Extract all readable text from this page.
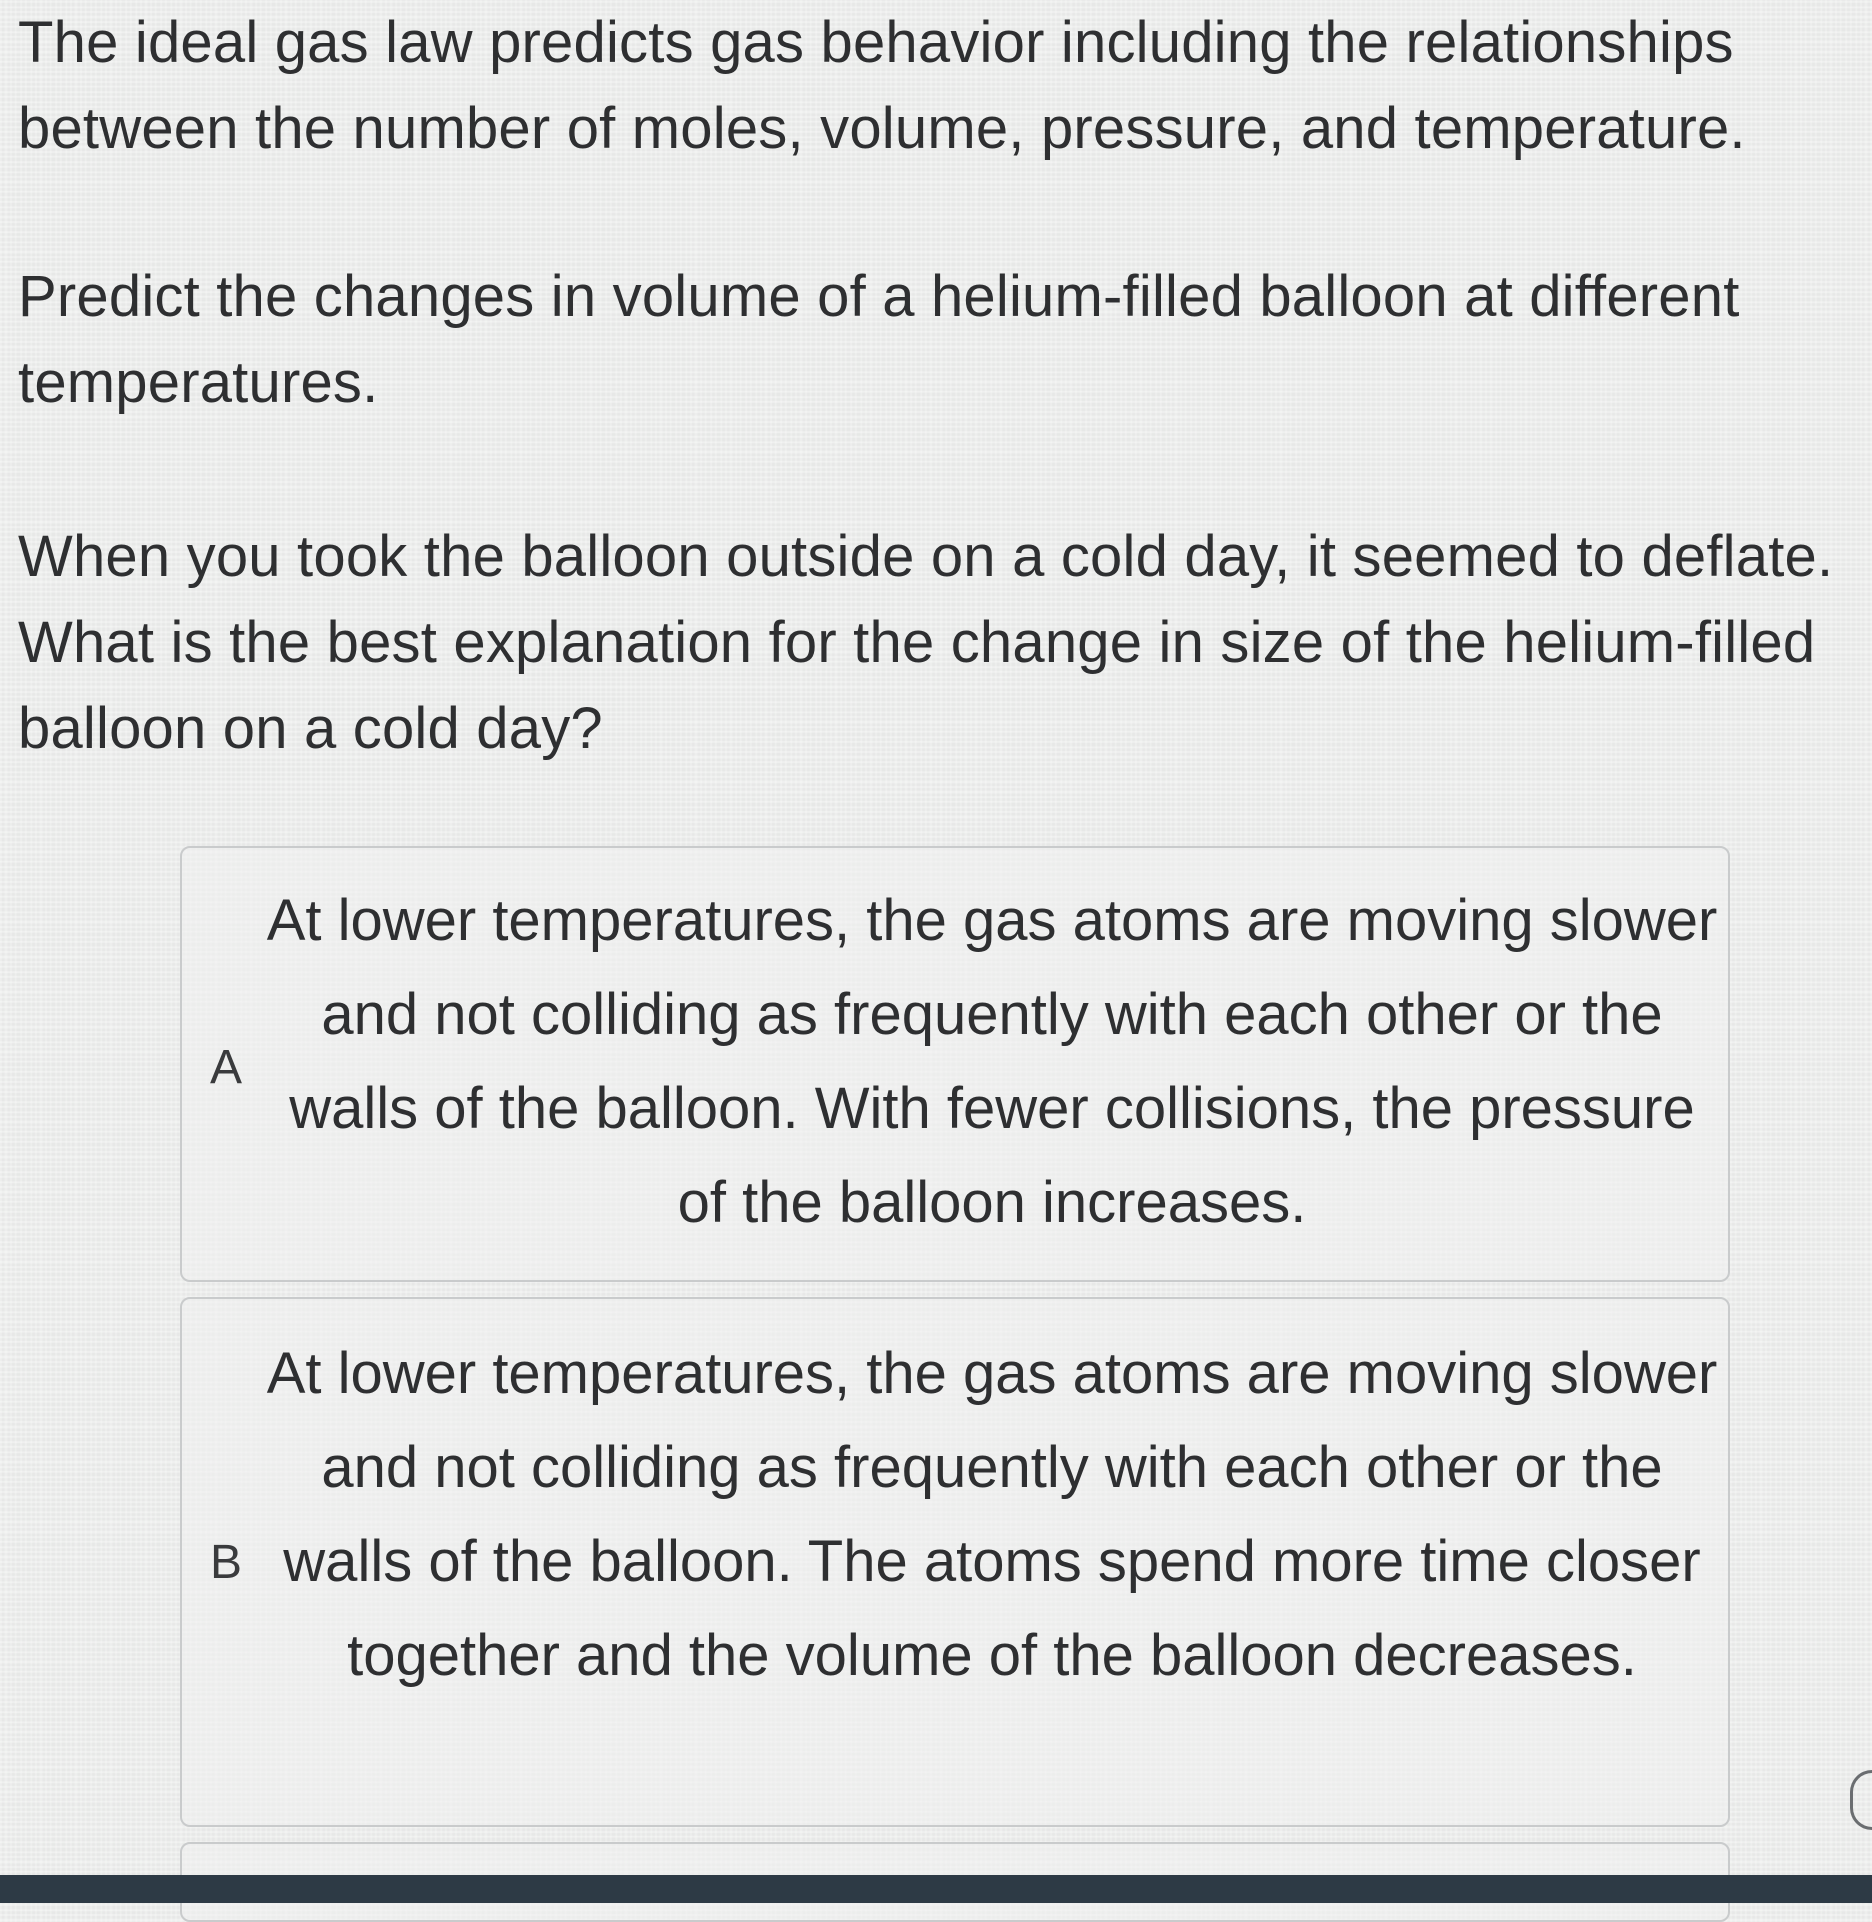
The ideal gas law predicts gas behavior including the relationships between the number of moles, volume, pressure, and temperature.

Predict the changes in volume of a helium-filled balloon at different temperatures.

When you took the balloon outside on a cold day, it seemed to deflate. What is the best explanation for the change in size of the helium-filled balloon on a cold day?

A
At lower temperatures, the gas atoms are moving slower and not colliding as frequently with each other or the walls of the balloon. With fewer collisions, the pressure of the balloon increases.
B
At lower temperatures, the gas atoms are moving slower and not colliding as frequently with each other or the walls of the balloon. The atoms spend more time closer together and the volume of the balloon decreases.
